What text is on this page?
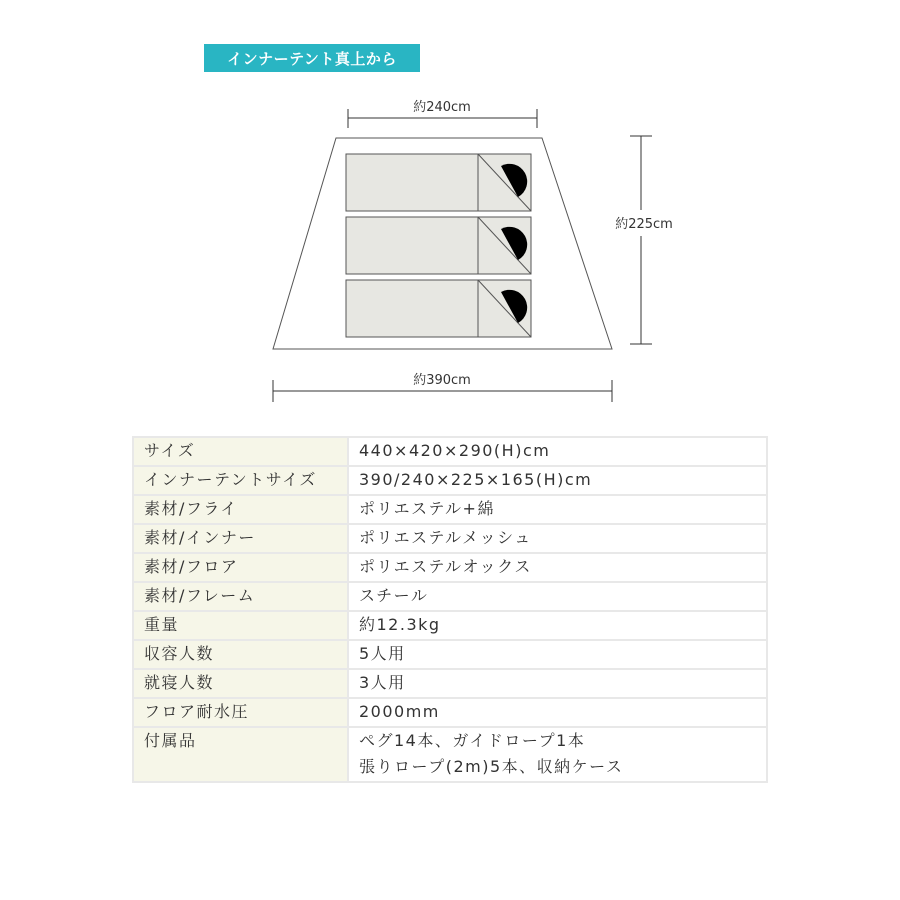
インナーテント真上から
約240cm
約225cm
約390cm
サイズ	440×420×290(H)cm
インナーテントサイズ	390/240×225×165(H)cm
素材/フライ	ポリエステル+綿
素材/インナー	ポリエステルメッシュ
素材/フロア	ポリエステルオックス
素材/フレーム	スチール
重量	約12.3kg
収容人数	5人用
就寝人数	3人用
フロア耐水圧	2000mm
付属品	ペグ14本、ガイドロープ1本
張りロープ(2m)5本、収納ケース
